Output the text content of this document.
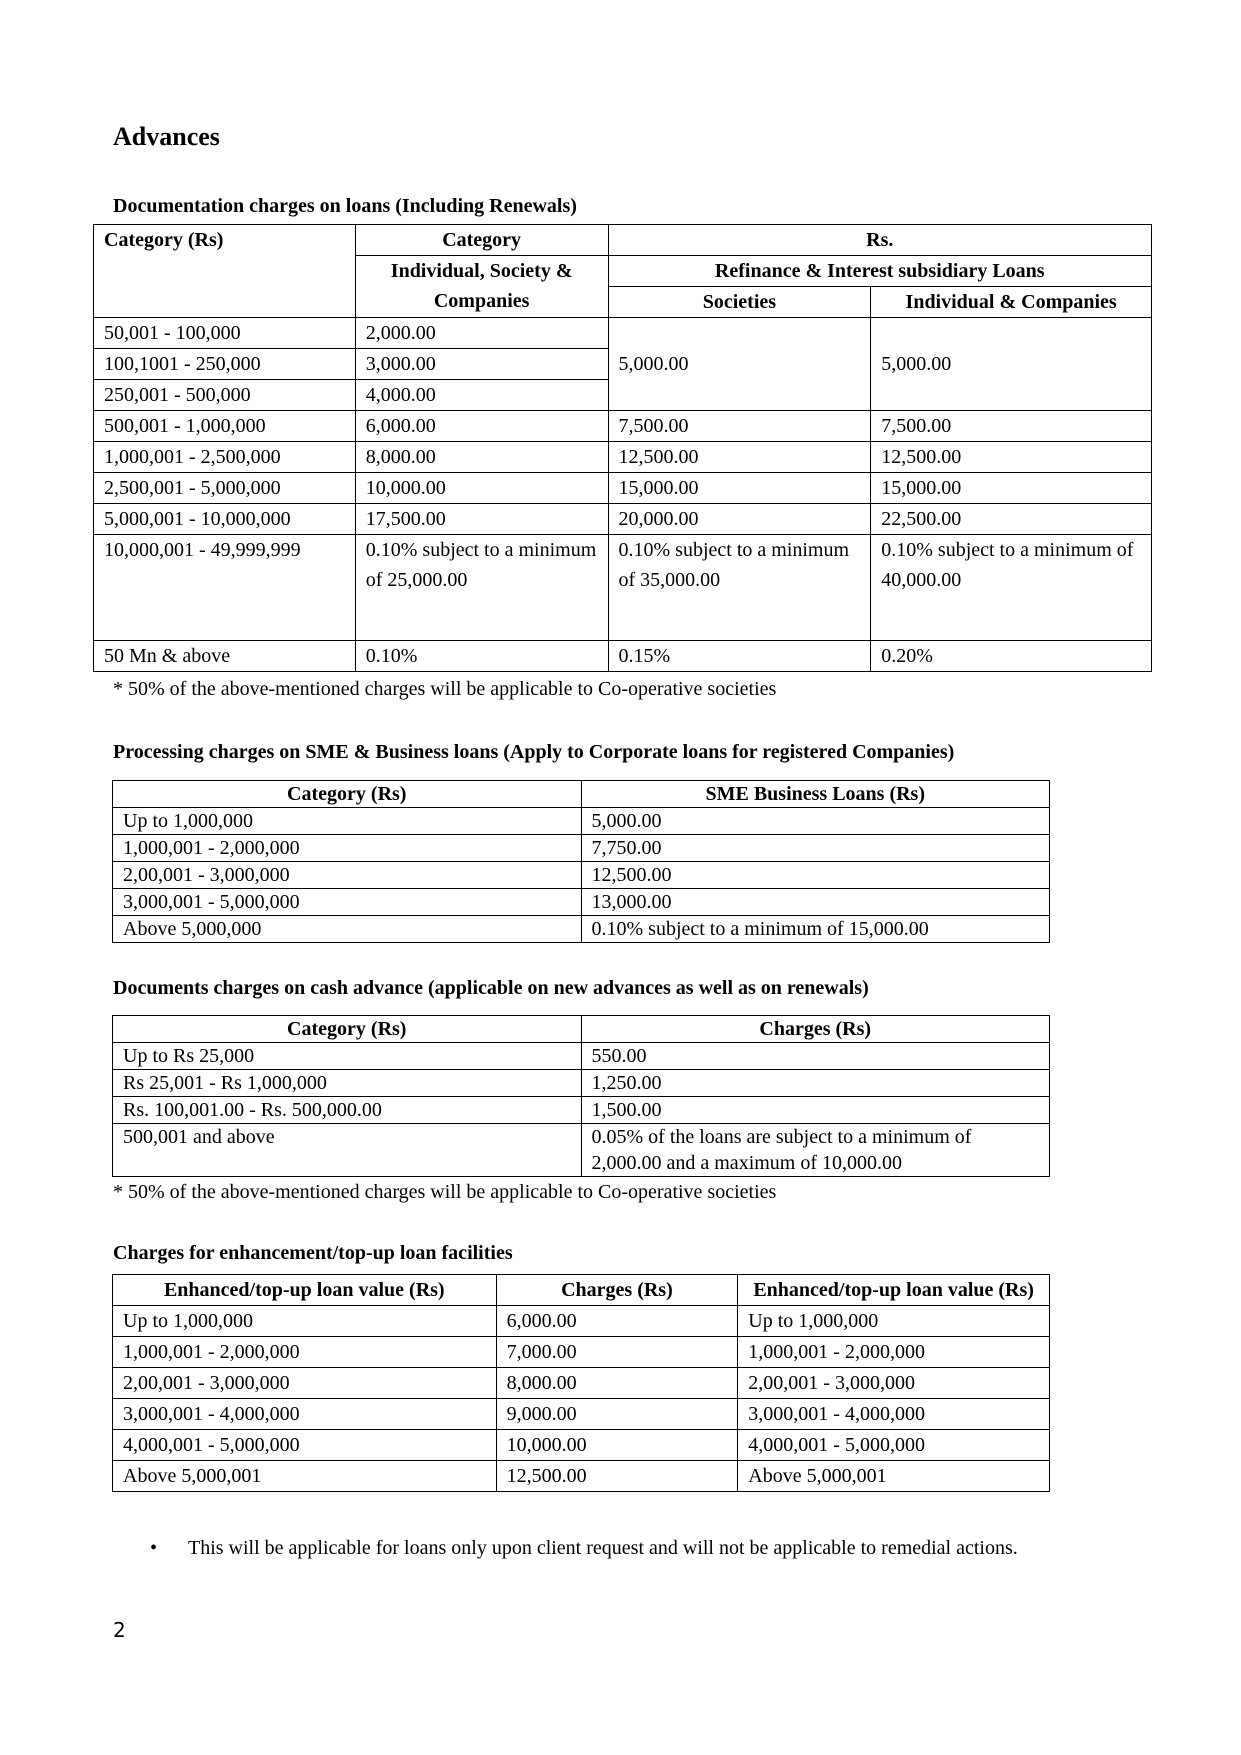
Advances
Documentation charges on loans (Including Renewals)
Category (Rs)	Category	Rs.	
	Individual, Society & Companies	Refinance & Interest subsidiary Loans	
		Societies	Individual & Companies
50,001 - 100,000	2,000.00	5,000.00	5,000.00
100,1001 - 250,000	3,000.00		
250,001 - 500,000	4,000.00		
500,001 - 1,000,000	6,000.00	7,500.00	7,500.00
1,000,001 - 2,500,000	8,000.00	12,500.00	12,500.00
2,500,001 - 5,000,000	10,000.00	15,000.00	15,000.00
5,000,001 - 10,000,000	17,500.00	20,000.00	22,500.00
10,000,001 - 49,999,999	0.10% subject to a minimum of 25,000.00	0.10% subject to a minimum of 35,000.00	0.10% subject to a minimum of 40,000.00
50 Mn & above	0.10%	0.15%	0.20%
* 50% of the above-mentioned charges will be applicable to Co-operative societies
Processing charges on SME & Business loans (Apply to Corporate loans for registered Companies)
Category (Rs)	SME Business Loans (Rs)
Up to 1,000,000	5,000.00
1,000,001 - 2,000,000	7,750.00
2,00,001 - 3,000,000	12,500.00
3,000,001 - 5,000,000	13,000.00
Above 5,000,000	0.10% subject to a minimum of 15,000.00
Documents charges on cash advance (applicable on new advances as well as on renewals)
Category (Rs)	Charges (Rs)
Up to Rs 25,000	550.00
Rs 25,001 - Rs 1,000,000	1,250.00
Rs. 100,001.00 - Rs. 500,000.00	1,500.00
500,001 and above	0.05% of the loans are subject to a minimum of 2,000.00 and a maximum of 10,000.00
* 50% of the above-mentioned charges will be applicable to Co-operative societies
Charges for enhancement/top-up loan facilities
Enhanced/top-up loan value (Rs)	Charges (Rs)	Enhanced/top-up loan value (Rs)
Up to 1,000,000	6,000.00	Up to 1,000,000
1,000,001 - 2,000,000	7,000.00	1,000,001 - 2,000,000
2,00,001 - 3,000,000	8,000.00	2,00,001 - 3,000,000
3,000,001 - 4,000,000	9,000.00	3,000,001 - 4,000,000
4,000,001 - 5,000,000	10,000.00	4,000,001 - 5,000,000
Above 5,000,001	12,500.00	Above 5,000,001
• This will be applicable for loans only upon client request and will not be applicable to remedial actions.
2
